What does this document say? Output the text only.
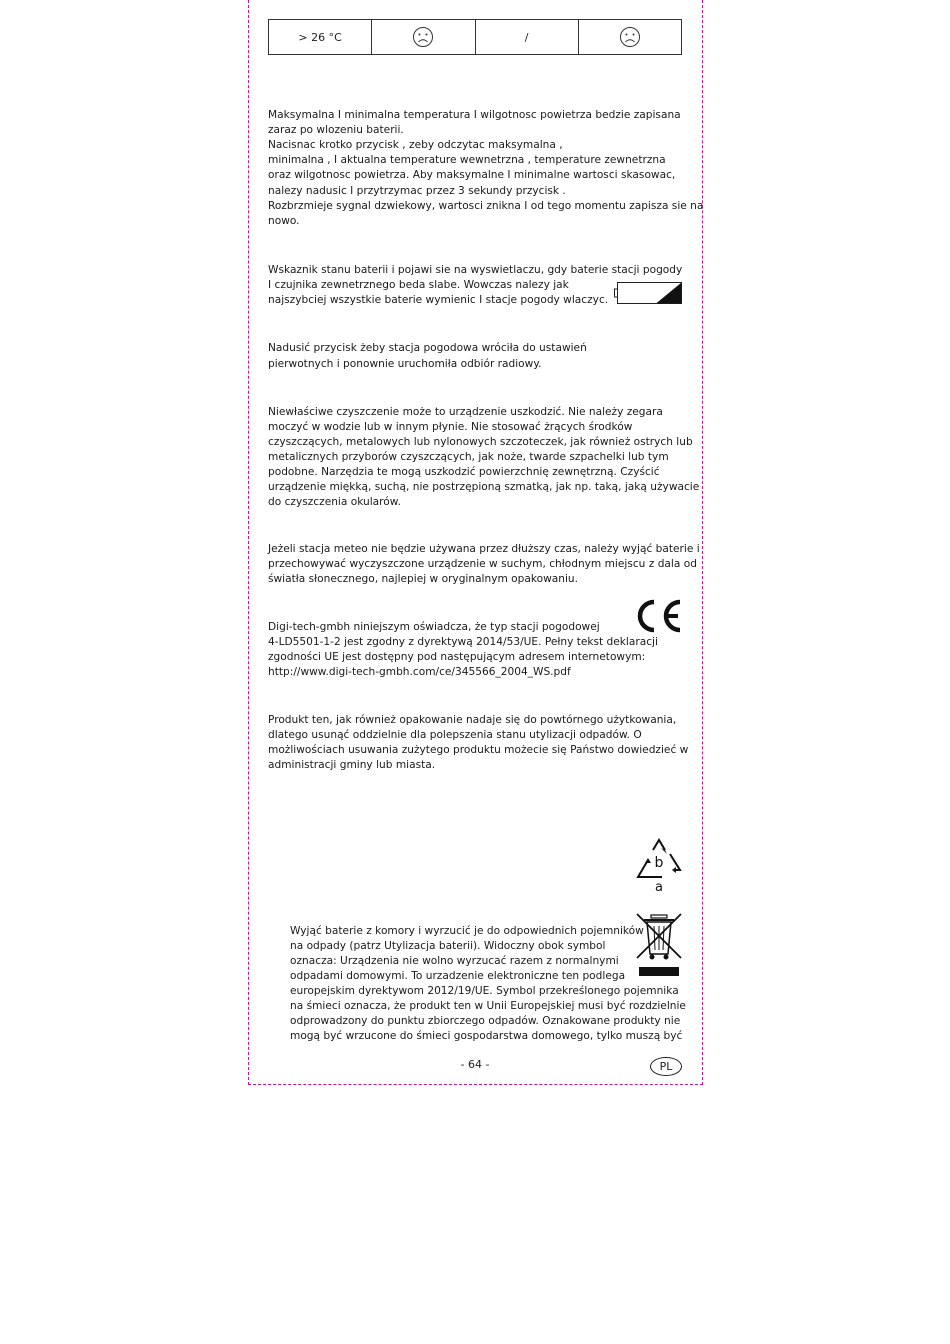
> 26 °C		/	
Maksymalna I minimalna temperatura I wilgotnosc powietrza bedzie zapisana
zaraz po wlozeniu baterii.
Nacisnac krotko przycisk , zeby odczytac maksymalna ,
minimalna , I aktualna temperature wewnetrzna , temperature zewnetrzna
oraz wilgotnosc powietrza. Aby maksymalne I minimalne wartosci skasowac,
nalezy nadusic I przytrzymac przez 3 sekundy przycisk .
Rozbrzmieje sygnal dzwiekowy, wartosci znikna I od tego momentu zapisza sie na
nowo.
Wskaznik stanu baterii i pojawi sie na wyswietlaczu, gdy baterie stacji pogody
I czujnika zewnetrznego beda slabe. Wowczas nalezy jak
najszybciej wszystkie baterie wymienic I stacje pogody wlaczyc.
Nadusić przycisk żeby stacja pogodowa wróciła do ustawień
pierwotnych i ponownie uruchomiła odbiór radiowy.
Niewłaściwe czyszczenie może to urządzenie uszkodzić. Nie należy zegara
moczyć w wodzie lub w innym płynie. Nie stosować żrących środków
czyszczących, metalowych lub nylonowych szczoteczek, jak również ostrych lub
metalicznych przyborów czyszczących, jak noże, twarde szpachelki lub tym
podobne. Narzędzia te mogą uszkodzić powierzchnię zewnętrzną. Czyścić
urządzenie miękką, suchą, nie postrzępioną szmatką, jak np. taką, jaką używacie
do czyszczenia okularów.
Jeżeli stacja meteo nie będzie używana przez dłuższy czas, należy wyjąć baterie i
przechowywać wyczyszczone urządzenie w suchym, chłodnym miejscu z dala od
światła słonecznego, najlepiej w oryginalnym opakowaniu.
Digi-tech-gmbh niniejszym oświadcza, że typ stacji pogodowej
4-LD5501-1-2 jest zgodny z dyrektywą 2014/53/UE. Pełny tekst deklaracji
zgodności UE jest dostępny pod następującym adresem internetowym:
http://www.digi-tech-gmbh.com/ce/345566_2004_WS.pdf
Produkt ten, jak również opakowanie nadaje się do powtórnego użytkowania,
dlatego usunąć oddzielnie dla polepszenia stanu utylizacji odpadów. O
możliwościach usuwania zużytego produktu możecie się Państwo dowiedzieć w
administracji gminy lub miasta.
b
a
Wyjąć baterie z komory i wyrzucić je do odpowiednich pojemników
na odpady (patrz Utylizacja baterii). Widoczny obok symbol
oznacza: Urządzenia nie wolno wyrzucać razem z normalnymi
odpadami domowymi. To urzadzenie elektroniczne ten podlega
europejskim dyrektywom 2012/19/UE. Symbol przekreślonego pojemnika
na śmieci oznacza, że produkt ten w Unii Europejskiej musi być rozdzielnie
odprowadzony do punktu zbiorczego odpadów. Oznakowane produkty nie
mogą być wrzucone do śmieci gospodarstwa domowego, tylko muszą być
- 64 -	PL
